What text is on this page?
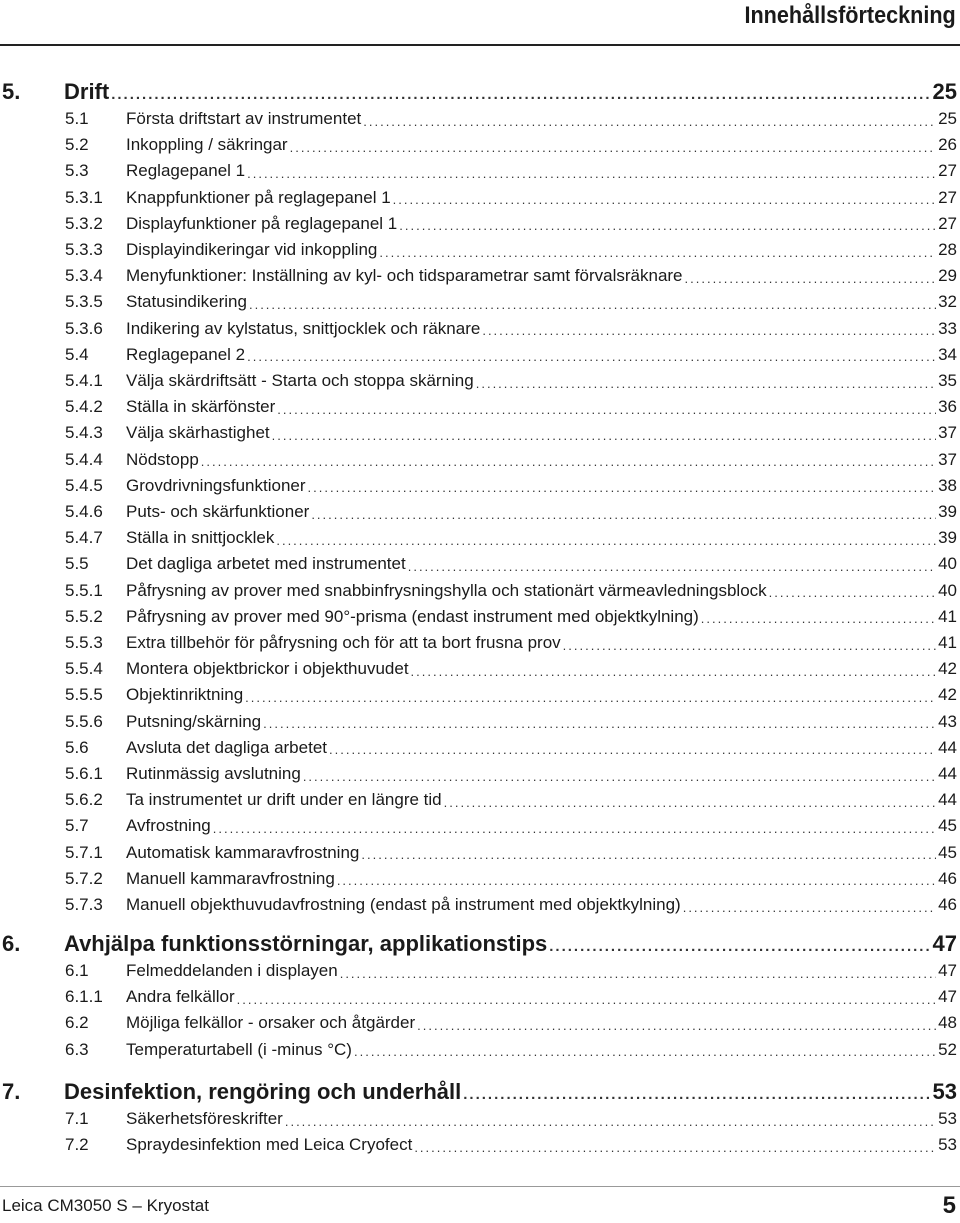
Innehållsförteckning
5. Drift .....	25
5.1 Första driftstart av instrumentet .....	25
5.2 Inkoppling / säkringar .....	26
5.3 Reglagepanel 1 .....	27
5.3.1 Knappfunktioner på reglagepanel 1 .....	27
5.3.2 Displayfunktioner på reglagepanel 1 .....	27
5.3.3 Displayindikeringar vid inkoppling .....	28
5.3.4 Menyfunktioner: Inställning av kyl- och tidsparametrar samt förvalsräknare .....	29
5.3.5 Statusindikering .....	32
5.3.6 Indikering av kylstatus, snittjocklek och räknare .....	33
5.4 Reglagepanel 2 .....	34
5.4.1 Välja skärdriftsätt - Starta och stoppa skärning .....	35
5.4.2 Ställa in skärfönster .....	36
5.4.3 Välja skärhastighet .....	37
5.4.4 Nödstopp .....	37
5.4.5 Grovdrivningsfunktioner .....	38
5.4.6 Puts- och skärfunktioner .....	39
5.4.7 Ställa in snittjocklek .....	39
5.5 Det dagliga arbetet med instrumentet .....	40
5.5.1 Påfrysning av prover med snabbinfrysningshylla och stationärt värmeavledningsblock .....	40
5.5.2 Påfrysning av prover med 90°-prisma (endast instrument med objektkylning) .....	41
5.5.3 Extra tillbehör för påfrysning och för att ta bort frusna prov .....	41
5.5.4 Montera objektbrickor i objekthuvudet .....	42
5.5.5 Objektinriktning .....	42
5.5.6 Putsning/skärning .....	43
5.6 Avsluta det dagliga arbetet .....	44
5.6.1 Rutinmässig avslutning .....	44
5.6.2 Ta instrumentet ur drift under en längre tid .....	44
5.7 Avfrostning .....	45
5.7.1 Automatisk kammaravfrostning .....	45
5.7.2 Manuell kammaravfrostning .....	46
5.7.3 Manuell objekthuvudavfrostning (endast på instrument med objektkylning) .....	46
6. Avhjälpa funktionsstörningar, applikationstips .....	47
6.1 Felmeddelanden i displayen .....	47
6.1.1 Andra felkällor .....	47
6.2 Möjliga felkällor - orsaker och åtgärder .....	48
6.3 Temperaturtabell (i -minus °C) .....	52
7. Desinfektion, rengöring och underhåll .....	53
7.1 Säkerhetsföreskrifter .....	53
7.2 Spraydesinfektion med Leica Cryofect .....	53
Leica CM3050 S – Kryostat	5
